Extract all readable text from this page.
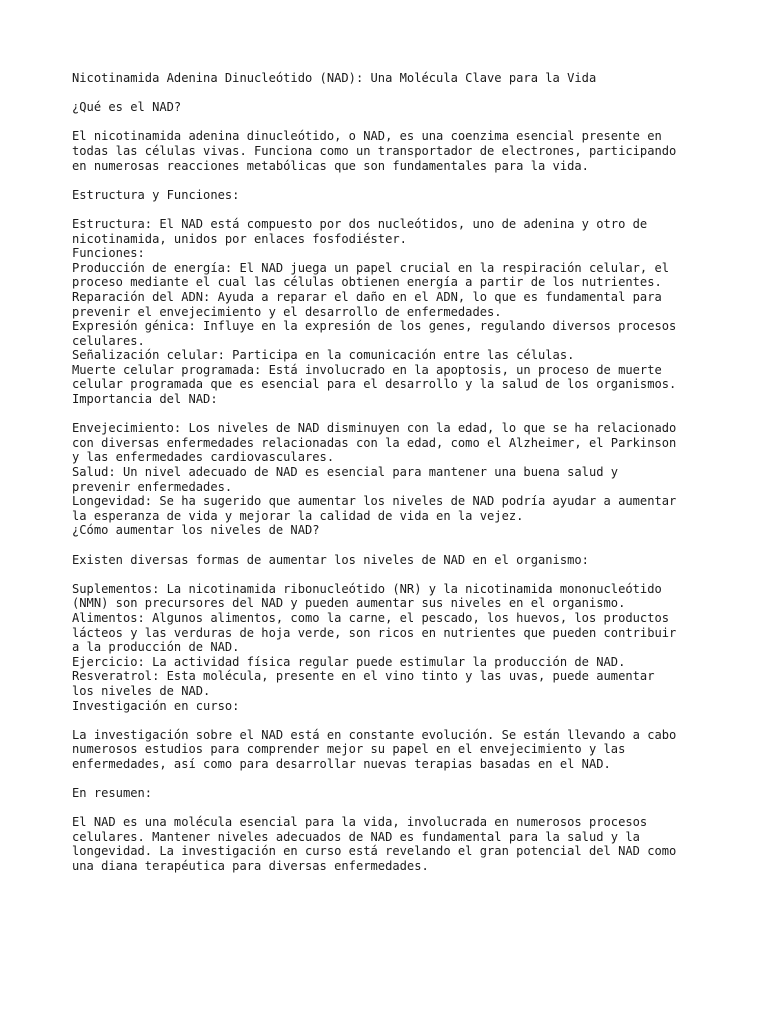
Nicotinamida Adenina Dinucleótido (NAD): Una Molécula Clave para la Vida
¿Qué es el NAD?
El nicotinamida adenina dinucleótido, o NAD, es una coenzima esencial presente en
todas las células vivas. Funciona como un transportador de electrones, participando
en numerosas reacciones metabólicas que son fundamentales para la vida.
Estructura y Funciones:
Estructura: El NAD está compuesto por dos nucleótidos, uno de adenina y otro de
nicotinamida, unidos por enlaces fosfodiéster.
Funciones:
Producción de energía: El NAD juega un papel crucial en la respiración celular, el
proceso mediante el cual las células obtienen energía a partir de los nutrientes.
Reparación del ADN: Ayuda a reparar el daño en el ADN, lo que es fundamental para
prevenir el envejecimiento y el desarrollo de enfermedades.
Expresión génica: Influye en la expresión de los genes, regulando diversos procesos
celulares.
Señalización celular: Participa en la comunicación entre las células.
Muerte celular programada: Está involucrado en la apoptosis, un proceso de muerte
celular programada que es esencial para el desarrollo y la salud de los organismos.
Importancia del NAD:
Envejecimiento: Los niveles de NAD disminuyen con la edad, lo que se ha relacionado
con diversas enfermedades relacionadas con la edad, como el Alzheimer, el Parkinson
y las enfermedades cardiovasculares.
Salud: Un nivel adecuado de NAD es esencial para mantener una buena salud y
prevenir enfermedades.
Longevidad: Se ha sugerido que aumentar los niveles de NAD podría ayudar a aumentar
la esperanza de vida y mejorar la calidad de vida en la vejez.
¿Cómo aumentar los niveles de NAD?
Existen diversas formas de aumentar los niveles de NAD en el organismo:
Suplementos: La nicotinamida ribonucleótido (NR) y la nicotinamida mononucleótido
(NMN) son precursores del NAD y pueden aumentar sus niveles en el organismo.
Alimentos: Algunos alimentos, como la carne, el pescado, los huevos, los productos
lácteos y las verduras de hoja verde, son ricos en nutrientes que pueden contribuir
a la producción de NAD.
Ejercicio: La actividad física regular puede estimular la producción de NAD.
Resveratrol: Esta molécula, presente en el vino tinto y las uvas, puede aumentar
los niveles de NAD.
Investigación en curso:
La investigación sobre el NAD está en constante evolución. Se están llevando a cabo
numerosos estudios para comprender mejor su papel en el envejecimiento y las
enfermedades, así como para desarrollar nuevas terapias basadas en el NAD.
En resumen:
El NAD es una molécula esencial para la vida, involucrada en numerosos procesos
celulares. Mantener niveles adecuados de NAD es fundamental para la salud y la
longevidad. La investigación en curso está revelando el gran potencial del NAD como
una diana terapéutica para diversas enfermedades.
